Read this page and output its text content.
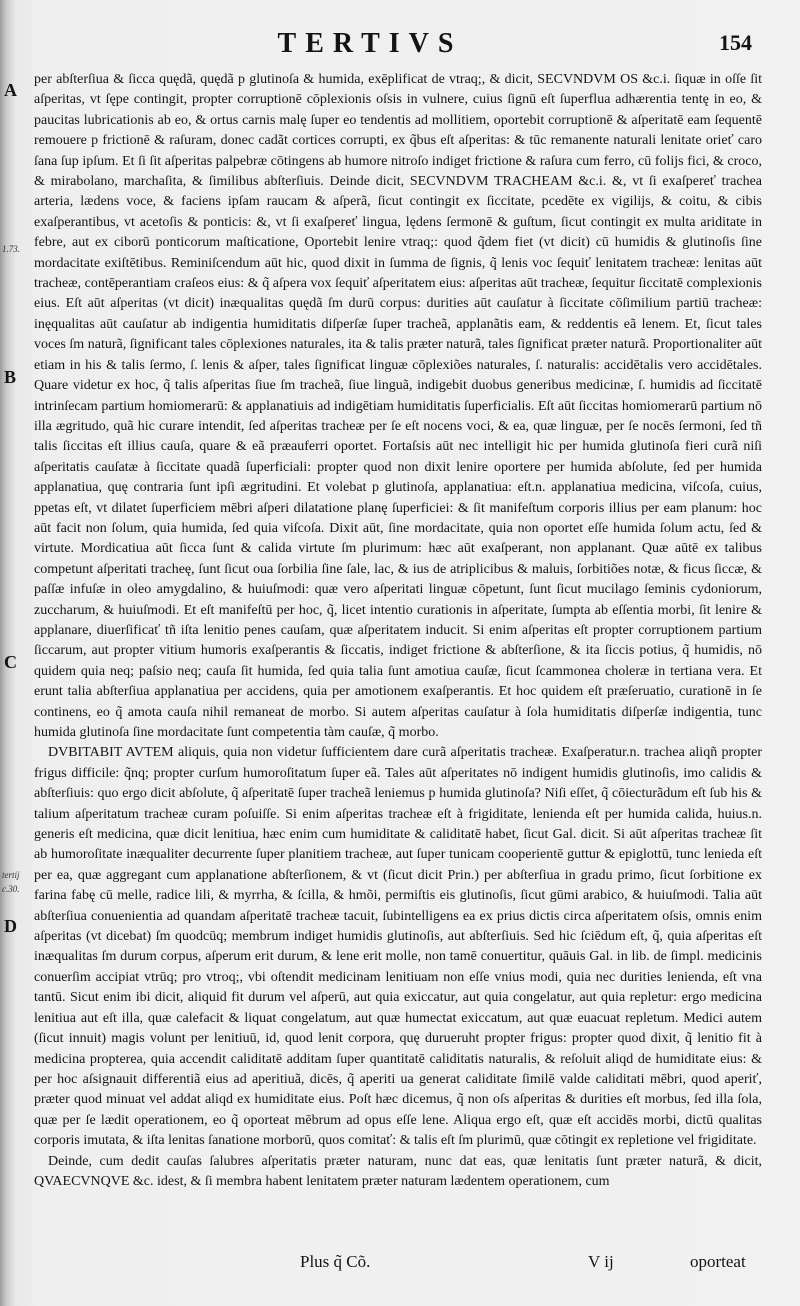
TERTIVS	154
A
B
C
D
1.73.
tertij
c.30.

per abſterſiua & ſicca quędã, quędã p glutinoſa & humida, exēplificat de vtraq;, & dicit, SECVNDVM OS &c.i. ſiquæ in oſſe ſit aſperitas, vt ſępe contingit, propter corruptionē cōplexionis oſsis in vulnere, cuius ſignū eſt ſuperflua adhærentia tentę in eo, & paucitas lubricationis ab eo, & ortus carnis malę ſuper eo tendentis ad mollitiem, oportebit corruptionē & aſperitatē eam ſequentē remouere p frictionē & raſuram, donec cadãt cortices corrupti, ex q̃bus eſt aſperitas: & tūc remanente naturali lenitate orieť caro ſana ſup ipſum. Et ſi ſit aſperitas palpebræ cōtingens ab humore nitroſo indiget frictione & raſura cum ferro, cū folijs fici, & croco, & mirabolano, marchaſita, & ſimilibus abſterſiuis. Deinde dicit, SECVNDVM TRACHEAM &c.i. &, vt ſi exaſpereť trachea arteria, lædens voce, & faciens ipſam raucam & aſperã, ſicut contingit ex ſiccitate, pcedēte ex vigilijs, & coitu, & cibis exaſperantibus, vt acetoſis & ponticis: &, vt ſi exaſpereť lingua, lędens ſermonē & guſtum, ſicut contingit ex multa ariditate in febre, aut ex ciborū ponticorum maſticatione, Oportebit lenire vtraq;: quod q̃dem fiet (vt dicit) cū humidis & glutinoſis ſine mordacitate exiſtētibus. Reminiſcendum aūt hic, quod dixit in ſumma de ſignis, q̃ lenis voc ſequiť lenitatem tracheæ: lenitas aūt tracheæ, contēperantiam craſeos eius: & q̃ aſpera vox ſequiť aſperitatem eius: aſperitas aūt tracheæ, ſequitur ſiccitatē complexionis eius. Eſt aūt aſperitas (vt dicit) inæqualitas quędã ſm durū corpus: durities aūt cauſatur à ſiccitate cōſimilium partiū tracheæ: inęqualitas aūt cauſatur ab indigentia humiditatis diſperſæ ſuper tracheã, applanãtis eam, & reddentis eã lenem. Et, ſicut tales voces ſm naturã, ſignificant tales cōplexiones naturales, ita & talis præter naturã, tales ſignificat præter naturã. Proportionaliter aūt etiam in his & talis ſermo, ſ. lenis & aſper, tales ſignificat linguæ cōplexiões naturales, ſ. naturalis: accidētalis vero accidētales. Quare videtur ex hoc, q̃ talis aſperitas ſiue ſm tracheã, ſiue linguã, indigebit duobus generibus medicinæ, ſ. humidis ad ſiccitatē intrinſecam partium homiomerarū: & applanatiuis ad indigētiam humiditatis ſuperficialis. Eſt aūt ſiccitas homiomerarū partium nō illa ægritudo, quã hic curare intendit, ſed aſperitas tracheæ per ſe eſt nocens voci, & ea, quæ linguæ, per ſe nocēs ſermoni, ſed tñ talis ſiccitas eſt illius cauſa, quare & eã præauferri oportet. Fortaſsis aūt nec intelligit hic per humida glutinoſa fieri curã niſi aſperitatis cauſatæ à ſiccitate quadã ſuperficiali: propter quod non dixit lenire oportere per humida abſolute, ſed per humida applanatiua, quę contraria ſunt ipſi ægritudini. Et volebat p glutinoſa, applanatiua: eſt.n. applanatiua medicina, viſcoſa, cuius, ppetas eſt, vt dilatet ſuperficiem mēbri aſperi dilatatione planę ſuperficiei: & ſit manifeſtum corporis illius per eam planum: hoc aūt facit non ſolum, quia humida, ſed quia viſcoſa. Dixit aūt, ſine mordacitate, quia non oportet eſſe humida ſolum actu, ſed & virtute. Mordicatiua aūt ſicca ſunt & calida virtute ſm plurimum: hæc aūt exaſperant, non applanant. Quæ aūtē ex talibus competunt aſperitati tracheę, ſunt ſicut oua ſorbilia ſine ſale, lac, & ius de atriplicibus & maluis, ſorbitiões notæ, & ficus ſiccæ, & paſſæ infuſæ in oleo amygdalino, & huiuſmodi: quæ vero aſperitati linguæ cōpetunt, ſunt ſicut mucilago ſeminis cydoniorum, zuccharum, & huiuſmodi. Et eſt manifeſtū per hoc, q̃, licet intentio curationis in aſperitate, ſumpta ab eſſentia morbi, ſit lenire & applanare, diuerſificať tñ iſta lenitio penes cauſam, quæ aſperitatem inducit. Si enim aſperitas eſt propter corruptionem partium ſiccarum, aut propter vitium humoris exaſperantis & ſiccatis, indiget frictione & abſterſione, & ita ſiccis potius, q̃ humidis, nō quidem quia neq; paſsio neq; cauſa ſit humida, ſed quia talia ſunt amotiua cauſæ, ſicut ſcammonea choleræ in tertiana vera. Et erunt talia abſterſiua applanatiua per accidens, quia per amotionem exaſperantis. Et hoc quidem eſt præſeruatio, curationē in ſe continens, eo q̃ amota cauſa nihil remaneat de morbo. Si autem aſperitas cauſatur à ſola humiditatis diſperſæ indigentia, tunc humida glutinoſa ſine mordacitate ſunt competentia tàm cauſæ, q̃ morbo.

DVBITABIT AVTEM aliquis, quia non videtur ſufficientem dare curã aſperitatis tracheæ. Exaſperatur.n. trachea aliqñ propter frigus difficile: q̃nq; propter curſum humoroſitatum ſuper eã. Tales aūt aſperitates nō indigent humidis glutinoſis, imo calidis & abſterſiuis: quo ergo dicit abſolute, q̃ aſperitatē ſuper tracheã leniemus p humida glutinoſa? Niſi eſſet, q̃ cōiecturãdum eſt ſub his & talium aſperitatum tracheæ curam poſuiſſe. Si enim aſperitas tracheæ eſt à frigiditate, lenienda eſt per humida calida, huius.n. generis eſt medicina, quæ dicit lenitiua, hæc enim cum humiditate & caliditatē habet, ſicut Gal. dicit. Si aūt aſperitas tracheæ ſit ab humoroſitate inæqualiter decurrente ſuper planitiem tracheæ, aut ſuper tunicam cooperientē guttur & epiglottū, tunc lenieda eſt per ea, quæ aggregant cum applanatione abſterſionem, & vt (ſicut dicit Prin.) per abſterſiua in gradu primo, ſicut ſorbitione ex farina fabę cū melle, radice lili, & myrrha, & ſcilla, & hmõi, permiſtis eis glutinoſis, ſicut gūmi arabico, & huiuſmodi. Talia aūt abſterſiua conuenientia ad quandam aſperitatē tracheæ tacuit, ſubintelligens ea ex prius dictis circa aſperitatem oſsis, omnis enim aſperitas (vt dicebat) ſm quodcūq; membrum indiget humidis glutinoſis, aut abſterſiuis. Sed hic ſciēdum eſt, q̃, quia aſperitas eſt inæqualitas ſm durum corpus, aſperum erit durum, & lene erit molle, non tamē conuertitur, quāuis Gal. in lib. de ſimpl. medicinis conuerſim accipiat vtrūq; pro vtroq;, vbi oſtendit medicinam lenitiuam non eſſe vnius modi, quia nec durities lenienda, eſt vna tantū. Sicut enim ibi dicit, aliquid fit durum vel aſperū, aut quia exiccatur, aut quia congelatur, aut quia repletur: ergo medicina lenitiua aut eſt illa, quæ calefacit & liquat congelatum, aut quæ humectat exiccatum, aut quæ euacuat repletum. Medici autem (ſicut innuit) magis volunt per lenitiuū, id, quod lenit corpora, quę durueruht propter frigus: propter quod dixit, q̃ lenitio fit à medicina propterea, quia accendit caliditatē additam ſuper quantitatē caliditatis naturalis, & reſoluit aliqd de humiditate eius: & per hoc aſsignauit differentiã eius ad aperitiuã, dicēs, q̃ aperiti ua generat caliditate ſimilē valde caliditati mēbri, quod aperiť, præter quod minuat vel addat aliqd ex humiditate eius. Poſt hæc dicemus, q̃ non oſs aſperitas & durities eſt morbus, ſed illa ſola, quæ per ſe lædit operationem, eo q̃ oporteat mēbrum ad opus eſſe lene. Aliqua ergo eſt, quæ eſt accidēs morbi, dictū qualitas corporis imutata, & iſta lenitas ſanatione morborū, quos comitať: & talis eſt ſm plurimū, quæ cōtingit ex repletione vel frigiditate.

Deinde, cum dedit cauſas ſalubres aſperitatis præter naturam, nunc dat eas, quæ lenitatis ſunt præter naturã, & dicit, QVAECVNQVE &c. idest, & ſi membra habent lenitatem præter naturam lædentem operationem, cum

Plus q̃ Cõ.	V ij	oporteat
